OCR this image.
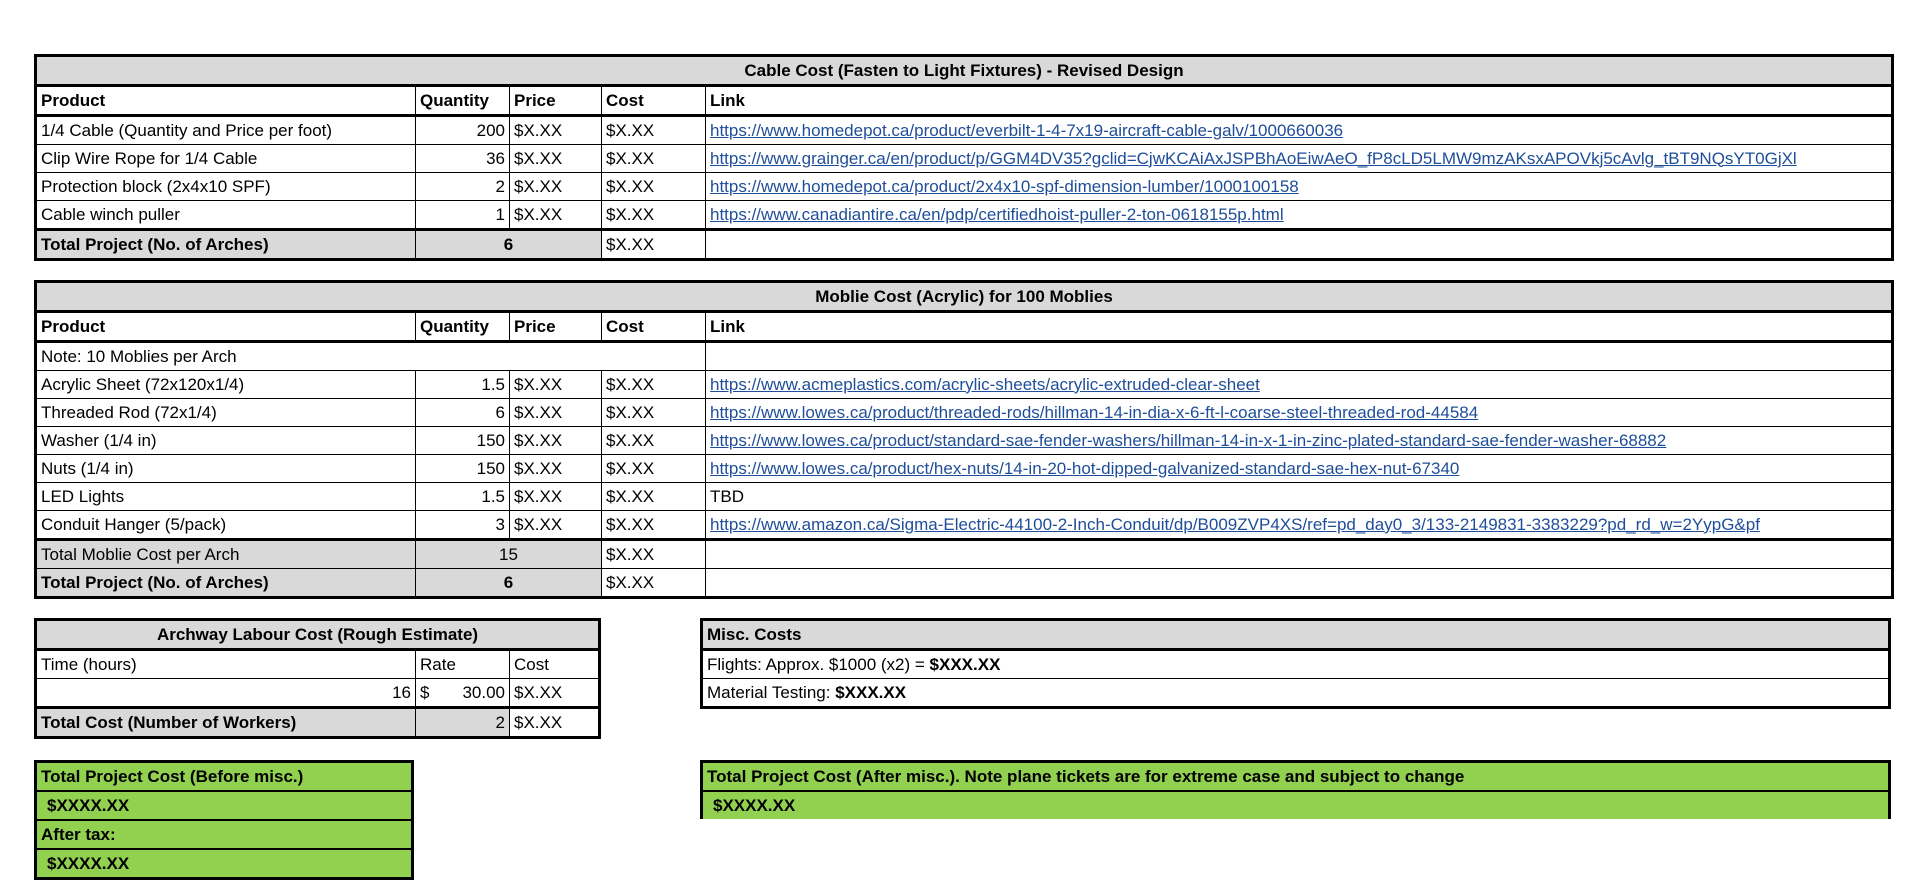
Cable Cost (Fasten to Light Fixtures) - Revised Design				
Product	Quantity	Price	Cost	Link
1/4 Cable (Quantity and Price per foot)	200	$X.XX	$X.XX	https://www.homedepot.ca/product/everbilt-1-4-7x19-aircraft-cable-galv/1000660036
Clip Wire Rope for 1/4 Cable	36	$X.XX	$X.XX	https://www.grainger.ca/en/product/p/GGM4DV35?gclid=CjwKCAiAxJSPBhAoEiwAeO_fP8cLD5LMW9mzAKsxAPOVkj5cAvlg_tBT9NQsYT0GjXl
Protection block (2x4x10 SPF)	2	$X.XX	$X.XX	https://www.homedepot.ca/product/2x4x10-spf-dimension-lumber/1000100158
Cable winch puller	1	$X.XX	$X.XX	https://www.canadiantire.ca/en/pdp/certifiedhoist-puller-2-ton-0618155p.html
Total Project (No. of Arches)	6		$X.XX	
Moblie Cost (Acrylic) for 100 Moblies				
Product	Quantity	Price	Cost	Link
Note: 10 Moblies per Arch				
Acrylic Sheet (72x120x1/4)	1.5	$X.XX	$X.XX	https://www.acmeplastics.com/acrylic-sheets/acrylic-extruded-clear-sheet
Threaded Rod (72x1/4)	6	$X.XX	$X.XX	https://www.lowes.ca/product/threaded-rods/hillman-14-in-dia-x-6-ft-l-coarse-steel-threaded-rod-44584
Washer (1/4 in)	150	$X.XX	$X.XX	https://www.lowes.ca/product/standard-sae-fender-washers/hillman-14-in-x-1-in-zinc-plated-standard-sae-fender-washer-68882
Nuts (1/4 in)	150	$X.XX	$X.XX	https://www.lowes.ca/product/hex-nuts/14-in-20-hot-dipped-galvanized-standard-sae-hex-nut-67340
LED Lights	1.5	$X.XX	$X.XX	TBD
Conduit Hanger (5/pack)	3	$X.XX	$X.XX	https://www.amazon.ca/Sigma-Electric-44100-2-Inch-Conduit/dp/B009ZVP4XS/ref=pd_day0_3/133-2149831-3383229?pd_rd_w=2YypG&pf
Total Moblie Cost per Arch	15		$X.XX	
Total Project (No. of Arches)	6		$X.XX	
Archway Labour Cost (Rough Estimate)		
Time (hours)	Rate	Cost
16	$ 30.00	$X.XX
Total Cost (Number of Workers)	2	$X.XX
Misc. Costs
Flights: Approx. $1000 (x2) = $XXX.XX
Material Testing: $XXX.XX
Total Project Cost (Before misc.)
$XXXX.XX
After tax:
$XXXX.XX
Total Project Cost (After misc.). Note plane tickets are for extreme case and subject to change
$XXXX.XX
